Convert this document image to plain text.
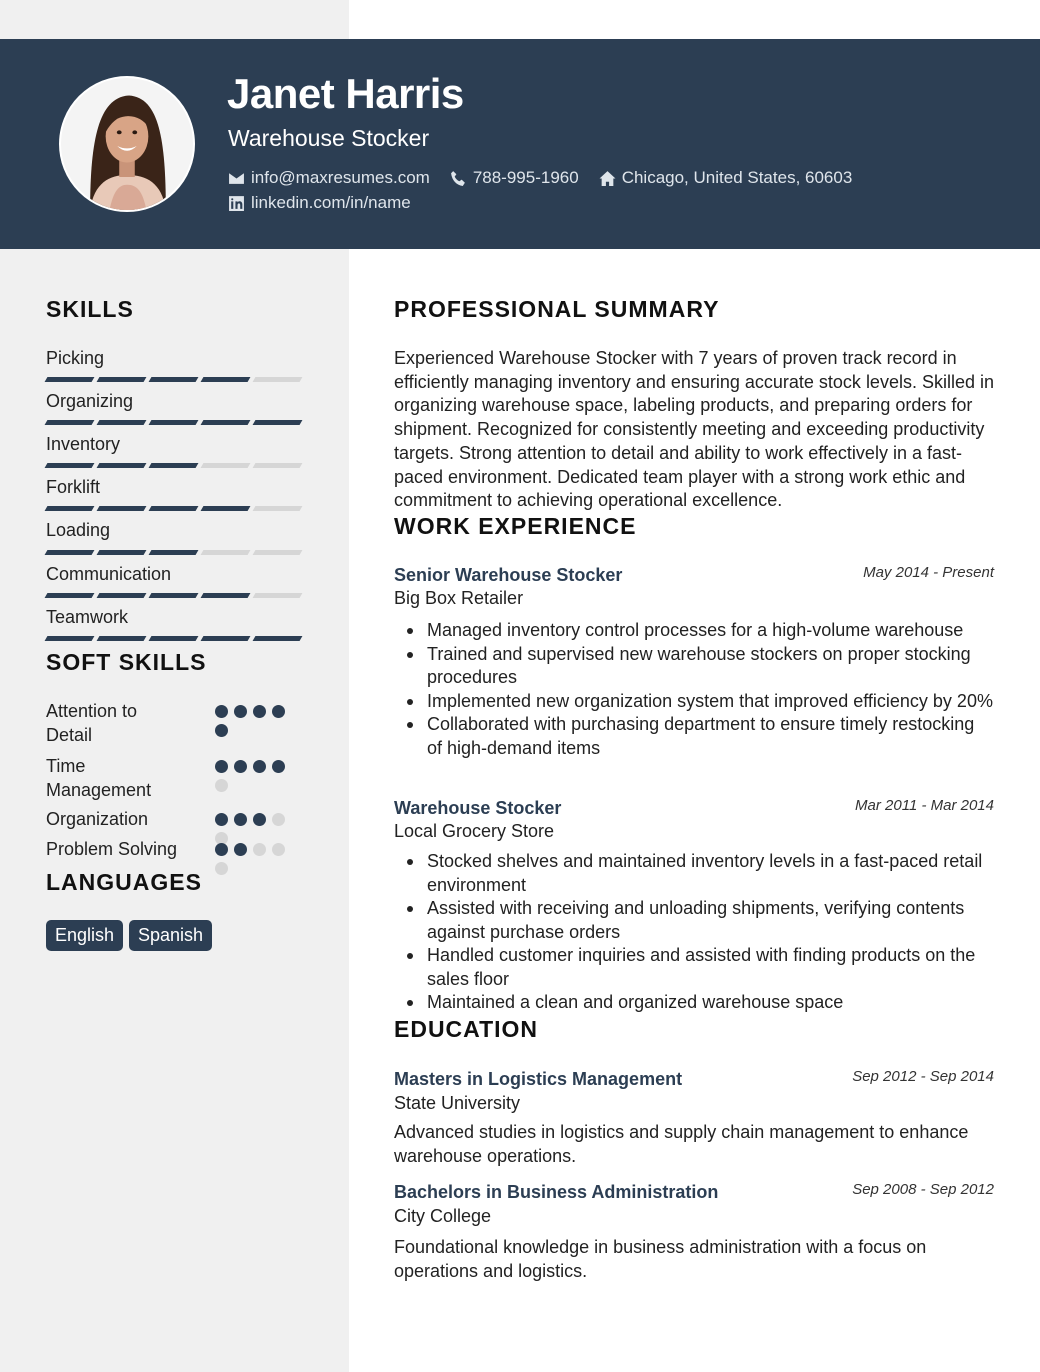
Janet Harris
Warehouse Stocker
info@maxresumes.com	788-995-1960	Chicago, United States, 60603
linkedin.com/in/name
SKILLS
Picking
Organizing
Inventory
Forklift
Loading
Communication
Teamwork
SOFT SKILLS
Attention to Detail
Time Management
Organization
Problem Solving
LANGUAGES
English	Spanish
PROFESSIONAL SUMMARY
Experienced Warehouse Stocker with 7 years of proven track record in efficiently managing inventory and ensuring accurate stock levels. Skilled in organizing warehouse space, labeling products, and preparing orders for shipment. Recognized for consistently meeting and exceeding productivity targets. Strong attention to detail and ability to work effectively in a fast-paced environment. Dedicated team player with a strong work ethic and commitment to achieving operational excellence.
WORK EXPERIENCE
Senior Warehouse Stocker	May 2014 - Present
Big Box Retailer
Managed inventory control processes for a high-volume warehouse
Trained and supervised new warehouse stockers on proper stocking procedures
Implemented new organization system that improved efficiency by 20%
Collaborated with purchasing department to ensure timely restocking of high-demand items
Warehouse Stocker	Mar 2011 - Mar 2014
Local Grocery Store
Stocked shelves and maintained inventory levels in a fast-paced retail environment
Assisted with receiving and unloading shipments, verifying contents against purchase orders
Handled customer inquiries and assisted with finding products on the sales floor
Maintained a clean and organized warehouse space
EDUCATION
Masters in Logistics Management	Sep 2012 - Sep 2014
State University
Advanced studies in logistics and supply chain management to enhance warehouse operations.
Bachelors in Business Administration	Sep 2008 - Sep 2012
City College
Foundational knowledge in business administration with a focus on operations and logistics.
